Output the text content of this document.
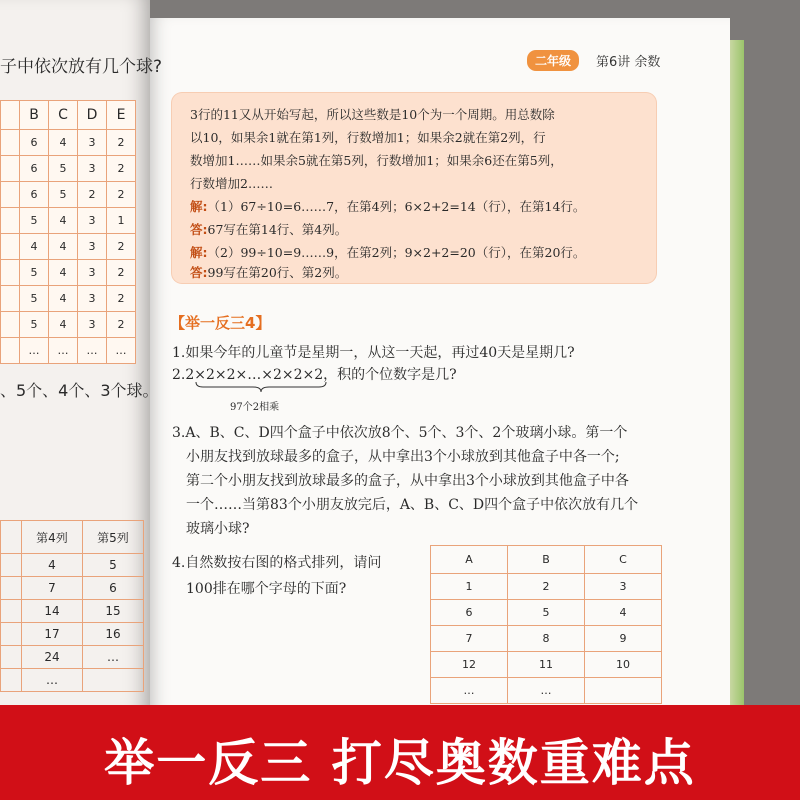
子中依次放有几个球?
	B	C	D	E
	6	4	3	2
	6	5	3	2
	6	5	2	2
	5	4	3	1
	4	4	3	2
	5	4	3	2
	5	4	3	2
	5	4	3	2
	…	…	…	…
、5个、4个、3个球。
	第4列	第5列
	4	5
	7	6
	14	15
	17	16
	24	…
	…	
二年级	第6讲 余数
3行的11又从开始写起，所以这些数是10个为一个周期。用总数除
以10，如果余1就在第1列，行数增加1；如果余2就在第2列，行
数增加1……如果余5就在第5列，行数增加1；如果余6还在第5列，
行数增加2……
解:（1）67÷10=6……7，在第4列；6×2+2=14（行），在第14行。
答:67写在第14行、第4列。
解:（2）99÷10=9……9，在第2列；9×2+2=20（行），在第20行。
答:99写在第20行、第2列。
【举一反三4】
1.如果今年的儿童节是星期一，从这一天起，再过40天是星期几?
2.2×2×2×…×2×2×2，积的个位数字是几?
97个2相乘
3.A、B、C、D四个盒子中依次放8个、5个、3个、2个玻璃小球。第一个
小朋友找到放球最多的盒子，从中拿出3个小球放到其他盒子中各一个;
第二个小朋友找到放球最多的盒子，从中拿出3个小球放到其他盒子中各
一个……当第83个小朋友放完后，A、B、C、D四个盒子中依次放有几个
玻璃小球?
4.自然数按右图的格式排列，请问
100排在哪个字母的下面?
A	B	C
1	2	3
6	5	4
7	8	9
12	11	10
…	…	
举一反三 打尽奥数重难点
